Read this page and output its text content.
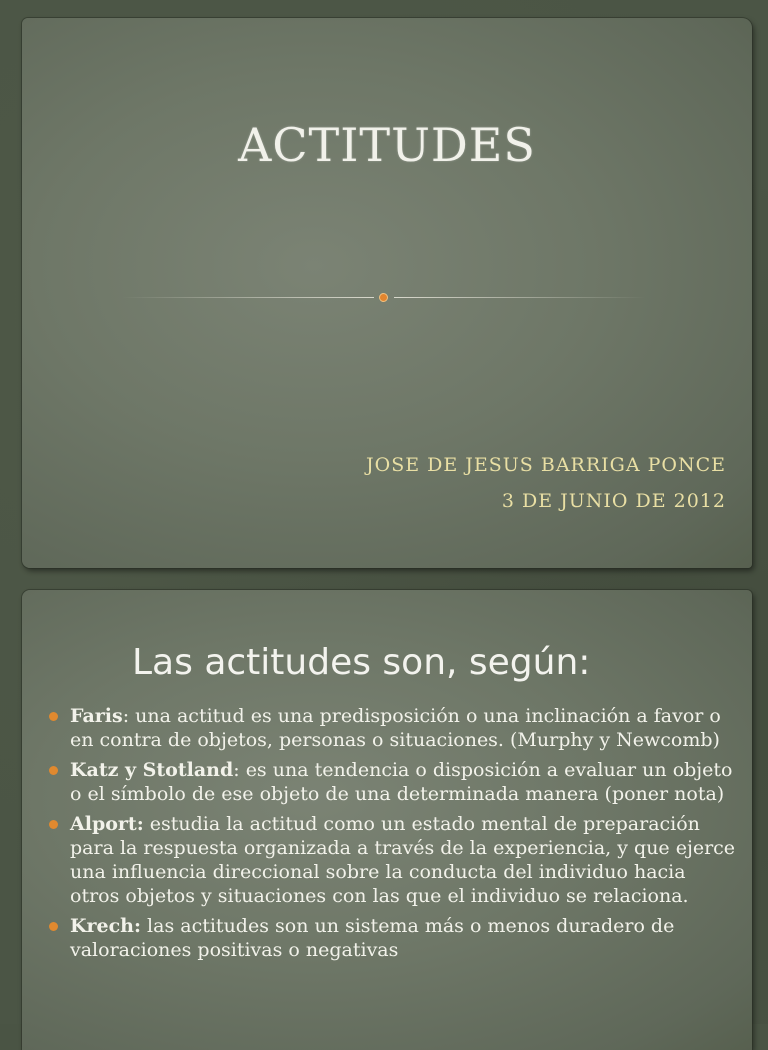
ACTITUDES
JOSE DE JESUS BARRIGA PONCE
3 DE JUNIO DE 2012
Las actitudes son, según:
Faris: una actitud es una predisposición o una inclinación a favor o en contra de objetos, personas o situaciones. (Murphy y Newcomb)
Katz y Stotland: es una tendencia o disposición a evaluar un objeto o el símbolo de ese objeto de una determinada manera (poner nota)
Alport: estudia la actitud como un estado mental de preparación para la respuesta organizada a través de la experiencia, y que ejerce una influencia direccional sobre la conducta del individuo hacia otros objetos y situaciones con las que el individuo se relaciona.
Krech: las actitudes son un sistema más o menos duradero de valoraciones positivas o negativas
